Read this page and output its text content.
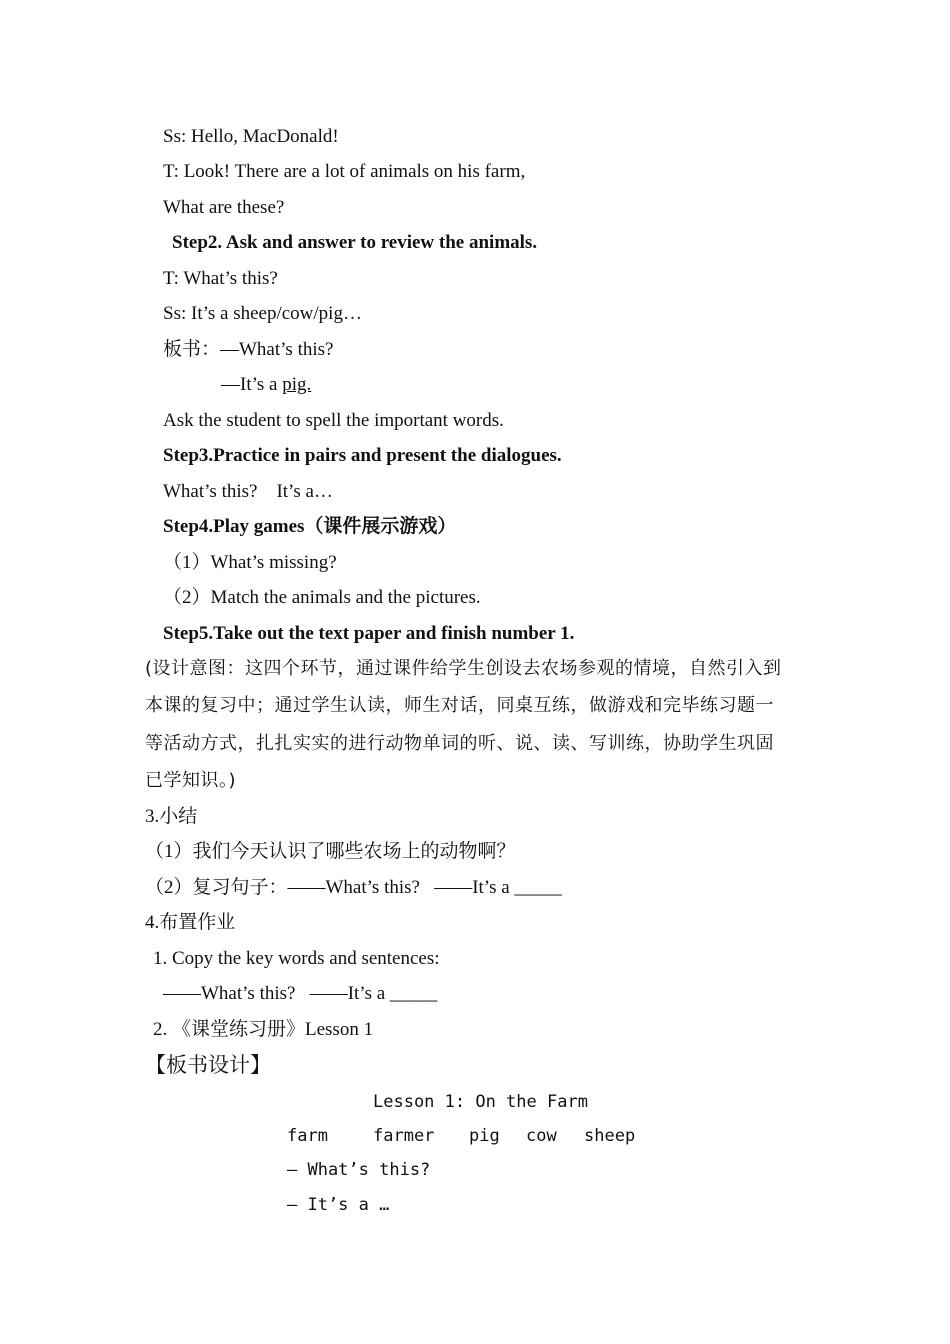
Ss: Hello, MacDonald!
T: Look! There are a lot of animals on his farm,
What are these?
Step2. Ask and answer to review the animals.
T: What’s this?
Ss: It’s a sheep/cow/pig…
板书：—What’s this?
—It’s a pig.
Ask the student to spell the important words.
Step3.Practice in pairs and present the dialogues.
What’s this?    It’s a…
Step4.Play games（课件展示游戏）
（1）What’s missing?
（2）Match the animals and the pictures.
Step5.Take out the text paper and finish number 1.
(设计意图：这四个环节，通过课件给学生创设去农场参观的情境，自然引入到
本课的复习中；通过学生认读，师生对话，同桌互练，做游戏和完毕练习题一
等活动方式，扎扎实实的进行动物单词的听、说、读、写训练，协助学生巩固
已学知识。)
3.小结
（1）我们今天认识了哪些农场上的动物啊？
（2）复习句子：——What’s this?   ——It’s a _____
4.布置作业
1. Copy the key words and sentences:
——What’s this?   ——It’s a _____
2. 《课堂练习册》Lesson 1
【板书设计】
Lesson 1: On the Farm
farm	farmer pig cow sheep
— What’s this?
— It’s a …
